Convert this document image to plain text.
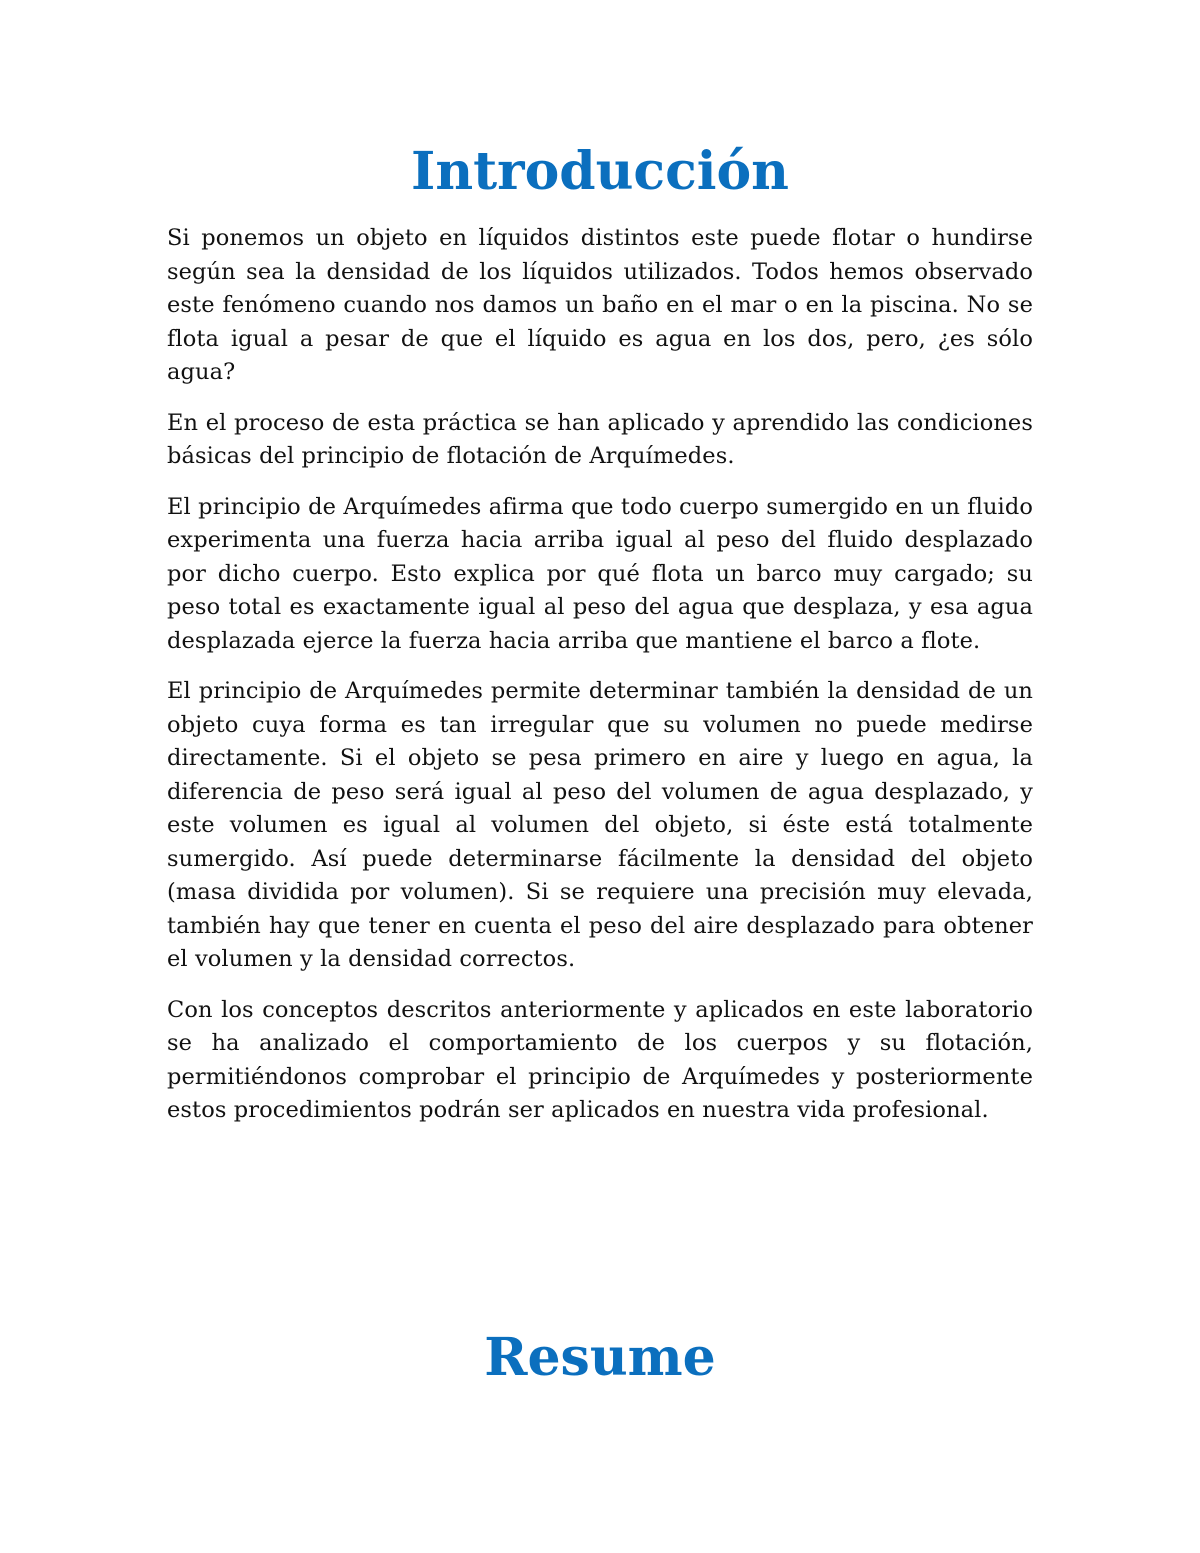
Introducción

Si ponemos un objeto en líquidos distintos este puede flotar o hundirse según sea la densidad de los líquidos utilizados. Todos hemos observado este fenómeno cuando nos damos un baño en el mar o en la piscina. No se flota igual a pesar de que el líquido es agua en los dos, pero, ¿es sólo agua?

En el proceso de esta práctica se han aplicado y aprendido las condiciones básicas del principio de flotación de Arquímedes.

El principio de Arquímedes afirma que todo cuerpo sumergido en un fluido experimenta una fuerza hacia arriba igual al peso del fluido desplazado por dicho cuerpo. Esto explica por qué flota un barco muy cargado; su peso total es exactamente igual al peso del agua que desplaza, y esa agua desplazada ejerce la fuerza hacia arriba que mantiene el barco a flote.

El principio de Arquímedes permite determinar también la densidad de un objeto cuya forma es tan irregular que su volumen no puede medirse directamente. Si el objeto se pesa primero en aire y luego en agua, la diferencia de peso será igual al peso del volumen de agua desplazado, y este volumen es igual al volumen del objeto, si éste está totalmente sumergido. Así puede determinarse fácilmente la densidad del objeto (masa dividida por volumen). Si se requiere una precisión muy elevada, también hay que tener en cuenta el peso del aire desplazado para obtener el volumen y la densidad correctos.

Con los conceptos descritos anteriormente y aplicados en este laboratorio se ha analizado el comportamiento de los cuerpos y su flotación, permitiéndonos comprobar el principio de Arquímedes y posteriormente estos procedimientos podrán ser aplicados en nuestra vida profesional.

Resume
